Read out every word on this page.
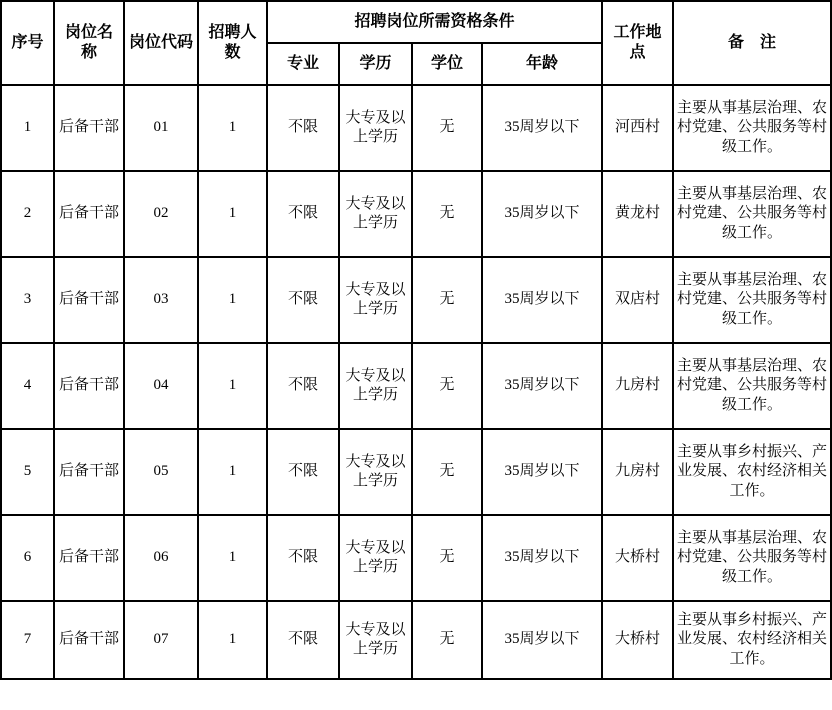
序号	岗位名称	岗位代码	招聘人数	招聘岗位所需资格条件				工作地点	备　注
				专业	学历	学位	年龄		
1	后备干部	01	1	不限	大专及以上学历	无	35周岁以下	河西村	主要从事基层治理、农村党建、公共服务等村级工作。
2	后备干部	02	1	不限	大专及以上学历	无	35周岁以下	黄龙村	主要从事基层治理、农村党建、公共服务等村级工作。
3	后备干部	03	1	不限	大专及以上学历	无	35周岁以下	双店村	主要从事基层治理、农村党建、公共服务等村级工作。
4	后备干部	04	1	不限	大专及以上学历	无	35周岁以下	九房村	主要从事基层治理、农村党建、公共服务等村级工作。
5	后备干部	05	1	不限	大专及以上学历	无	35周岁以下	九房村	主要从事乡村振兴、产业发展、农村经济相关工作。
6	后备干部	06	1	不限	大专及以上学历	无	35周岁以下	大桥村	主要从事基层治理、农村党建、公共服务等村级工作。
7	后备干部	07	1	不限	大专及以上学历	无	35周岁以下	大桥村	主要从事乡村振兴、产业发展、农村经济相关工作。
